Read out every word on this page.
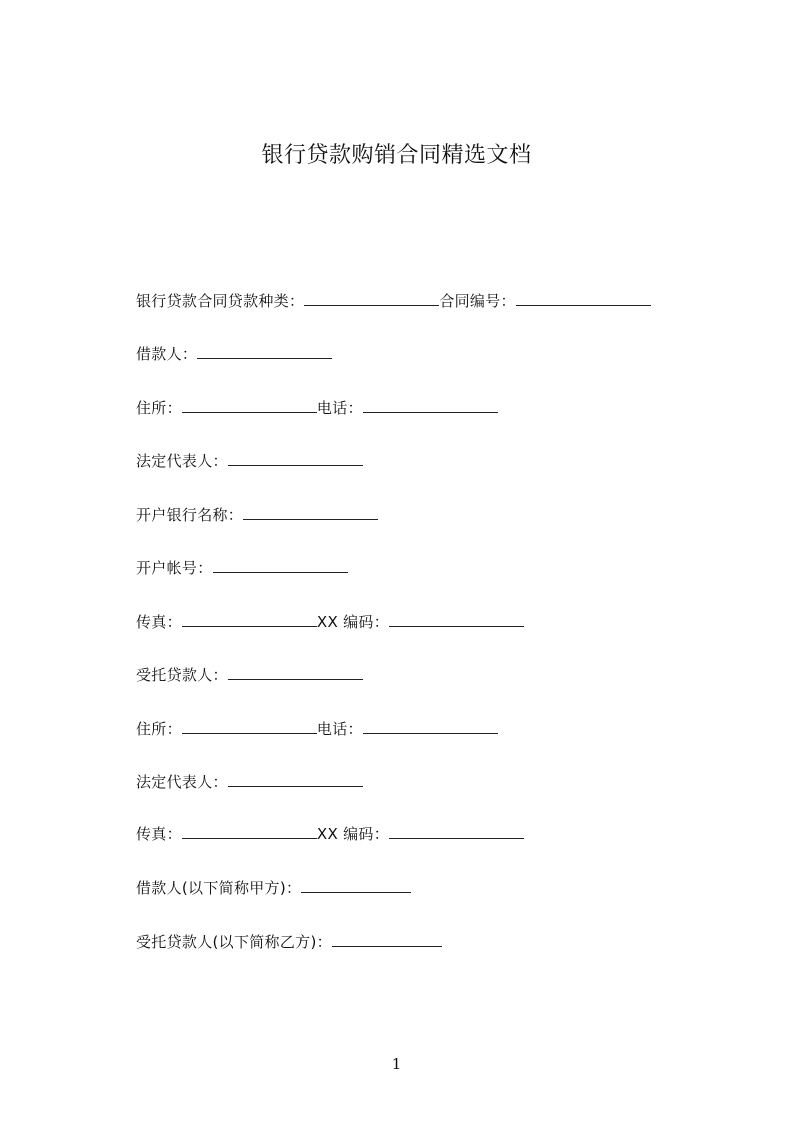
银行贷款购销合同精选文档
银行贷款合同贷款种类：	合同编号：
借款人：
住所：	电话：
法定代表人：
开户银行名称：
开户帐号：
传真：	XX 编码：
受托贷款人：
住所：	电话：
法定代表人：
传真：	XX 编码：
借款人(以下简称甲方)：
受托贷款人(以下简称乙方)：
1
